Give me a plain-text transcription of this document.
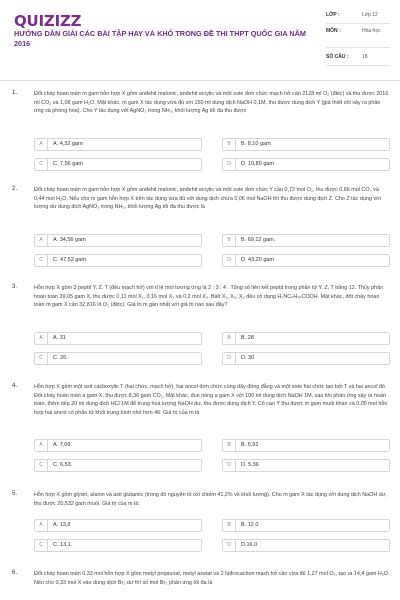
QUIZIZZ
HƯỚNG DẪN GIẢI CÁC BÀI TẬP HAY VÀ KHÓ TRONG ĐỀ THI THPT QUỐC GIA NĂM 2016
LỚP :	Lớp 12
MÔN :	Hóa học
SỐ CÂU :	18
1.	Đốt cháy hoàn toàn m gam hỗn hợp X gồm anđehit malonic, anđehit acrylic và một este đơn chức mạch hở cần 2128 ml O₂ (đktc) và thu được 2016 ml CO₂ và 1,08 gam H₂O. Mặt khác, m gam X tác dụng vừa đủ với 150 ml dung dịch NaOH 0,1M, thu được dung dịch Y (giả thiết chỉ xảy ra phản ứng xà phòng hóa). Cho Y tác dụng với AgNO₃ trong NH₃, khối lượng Ag tối đa thu được
A	A. 4,32 gam	B	B. 8,10 gam
C	C. 7,56 gam	D	D. 10,80 gam
2.	Đốt cháy hoàn toàn m gam hỗn hợp X gồm anđehit malonic, anđehit acrylic và một este đơn chức Y cần 0,72 mol O₂, thu được 0,66 mol CO₂ và 0,44 mol H₂O. Nếu cho m gam hỗn hợp X trên tác dụng vừa đủ với dung dịch chứa 0,06 mol NaOH thì thu được dung dịch Z. Cho Z tác dụng với lượng dư dung dịch AgNO₃ trong NH₃, khối lượng Ag tối đa thu được là
A	A. 34,56 gam	B	B. 69,12 gam.
C	C. 47,52 gam.	D	D. 43,20 gam
3.	Hỗn hợp X gồm 3 peptit Y, Z, T (đều mạch hở) với tỉ lệ mol tương ứng là 2 : 3 : 4 . Tổng số liên kết peptit trong phân tử Y, Z, T bằng 12. Thủy phân hoàn toàn 39,05 gam X, thu được 0,11 mol X₁, 0,16 mol X₂ và 0,2 mol X₃. Biết X₁, X₂, X₃ đều có dạng H₂NCₙH₂ₙCOOH. Mặt khác, đốt cháy hoàn toàn m gam X cần 32,816 lít O₂ (đktc). Giá trị m gần nhất với giá trị nào sau đây?
A	A. 31	B	B. 28
C	C. 26.	D	D. 30
4.	Hỗn hợp X gồm một axit cacboxylic T (hai chức, mạch hở), hai ancol đơn chức cùng dãy đồng đẳng và một este hai chức tạo bởi T và hai ancol đó. Đốt cháy hoàn toàn a gam X, thu được 8,36 gam CO₂. Mặt khác, đun nóng a gam X với 100 ml dung dịch NaOH 1M, sau khi phản ứng xảy ra hoàn toàn, thêm tiếp 20 ml dung dịch HCl 1M để trung hoà lượng NaOH dư, thu được dung dịch Y. Cô cạn Y thu được m gam muối khan và 0,05 mol hỗn hợp hai ancol có phân tử khối trung bình nhỏ hơn 46. Giá trị của m là
A	A. 7,09	B	B. 5,92
C	C. 6,53.	D	D. 5,36
5.	Hỗn hợp X gồm glyxin, alanin và axit glutamic (trong đó nguyên tố oxi chiếm 41,2% về khối lượng). Cho m gam X tác dụng với dung dịch NaOH dư, thu được 20,532 gam muối. Giá trị của m là:
A	A. 13,8	B	B. 12,0
C	C. 13,1.	D	D.16,0
6.	Đốt cháy hoàn toàn 0,33 mol hỗn hợp X gồm metyl propionat, metyl axetat và 2 hiđrocacbon mạch hở cần vừa đủ 1,27 mol O₂, tạo ra 14,4 gam H₂O. Nếu cho 0,33 mol X vào dung dịch Br₂ dư thì số mol Br₂ phản ứng tối đa là
